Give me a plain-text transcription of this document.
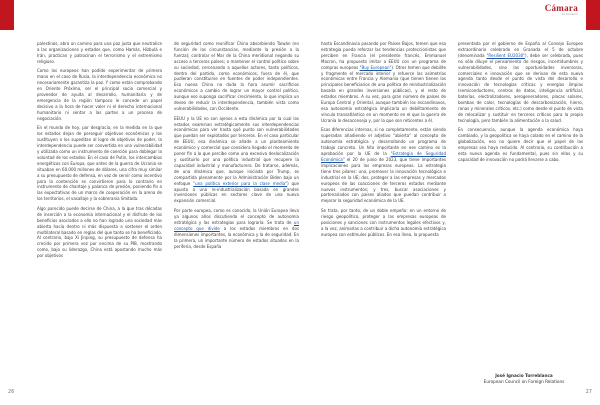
Cámara
de Comercio

palestinos, abra un camino para una paz justa que neutralice a las organizaciones y estados que, como Hamás, Hizbulá e Irán, practican y patrocinan el terrorismo y el extremismo religioso.

Como los europeos han podido experimentar de primera mano en el caso de Rusia, la interdependencia económica no necesariamente garantiza la paz. Y como están comprobando en Oriente Próximo, ser el principal socio comercial y proveedor de ayuda al desarrollo, humanitaria y de emergencia de la región tampoco le concede un papel decisivo a la hora de hacer valer ni el derecho internacional humanitario ni sentar a las partes a un proceso de negociación.

En el mundo de hoy, por desgracia, en la medida en la que los estados dejan de perseguir objetivos económicos y los sustituyen o los supeditan al logro de objetivos de poder, la interdependencia puede ser convertida en una vulnerabilidad y utilizada como un instrumento de coerción para doblegar la voluntad de los estados. En el caso de Putin, los intercambios energéticos con Europa, que antes de la guerra de Ucrania se situaban en 60.000 millones de dólares, una cifra muy similar a su presupuesto de defensa, en vez de servir como incentivo para la contención se convirtieron para lo contrario en instrumento de chantaje y palanca de presión, poniendo fin a las expectativas de un marco de cooperación en la arena de los territorios, el vasallaje y la sobrerania limitada.

Algo parecido puede decirse de China, a la que tras décadas de inserción a la economía internacional y el disfrute de los beneficios asociados a ello no han logrado una sociedad más abierta hacia dentro ni más dispuesta a sostener el orden multilateral basado en reglas del que tanto se ha beneficiado. Al contrario, bajo Xi Jinping, su presupuesto de defensa ha crecido por primera vez por encima de su PIB, mostrando como, bajo su liderazgo, China está apostando mucho más por objetivos

de seguridad como reunificar China absorbiendo Taiwán (en función de las circunstancias, mediante la presión o la fuerza); controlar el Mar de la China meridional negando su acceso a terceros países; o mantener el control político sobre su sociedad, cercenando a aquellos actores, tanto políticos, dentro del partido, como económicos, fuera de él, que pudieran constituirse en fuentes de poder independientes. Esa nueva China no duda la hora asumir sacrificios económicos a cambio de lograr un mayor control político, aunque eso suponga sacrificar crecimiento, lo que implica un deseo de reducir la interdependencia, también vista como vulnerabilidades, con Occidente.

EEUU y la UE no son ajenos a esta dinámica por la cual los estados examinan estratégicamente sus interdependencias económicas para ver hasta qué punto son vulnerabilidades que puedan ser explotados por terceros. En el caso particular de EEUU, esa dinámica se añade a un planteamiento económico y comercial que considera llegado el momento de poner fin a lo que percibe como una excesiva deslocalización y sustituirlo por una política industrial que recupere la capacidad industrial y manufacturera. De tratarse, además, de una dinámica que, aunque iniciada por Trump, es compartida plenamente por la Administración Biden bajo un enfoque "una política exterior para la clase media") que apunta a una re-industrialización basada en grandes inversiones públicas en sectores clave de una nueva expansión comercial.

Por parte europea, como es conocido, la Unión Europea lleva ya algunos años discutiendo el concepto de autonomía estratégica y las estrategias para lograrla. Se trata de un concepto que divide a los estados miembros en dos dimensiones importantes, la económica y la de seguridad. En la primera, un importante número de estados situados en la periferia, desde España

hasta Escandinavia pasando por Países Bajos, temen que esa estrategia pueda reforzar las tendencias proteccionistas que perciben en Francia (el presidente francés, Emmanuel Macron, ha propuesto imitar a EEUU con un programa de compras europeas "Buy European"). Otros temen que debilite y fragmente el mercado interior y refuerce las asimetrías económicas entre Francia y Alemania (que tienen tienen los principales beneficiarios de una política de reindustrialización basada en grandes inversiones públicas), y el resto de estados miembros. A su vez, para gran número de países de Europa Central y Oriental, aunque también los escandinavos, esa autonomía estratégica implicaría un debilitamiento de vínculo transatlántico en un momento en el que la guerra de Ucrania lo desaconseja y, por lo que son reticentes a él.

Esas diferencias internas, si no completamente, están siendo superadas añadiendo el adjetivo "abierta" al concepto de autonomía estratégica y desarrollando un programa de trabajo concreto. Un hito importante en ese camino es la aprobación por la UE de la "Estrategia de Seguridad Económica" el 20 de junio de 2023, que tiene importantes implicaciones para las empresas europeas. La estrategia tiene tres pilares: uno, promover la innovación tecnológica e industrial en la UE; dos, proteger a las empresas y mercados europeos de las coacciones de terceros estados mediante nuevos instrumentos; y tres, buscar asociaciones y partenariados con países aliados que puedan contribuir a mejorar la seguridad económica de la UE.

Se trata, por tanto, de un doble empeño: en un entorno de riesgo geopolítico, proteger a las empresas europeas de posiciones y sanciones con instrumentos legales efectivos y, a la vez, animarlas a contribuir a dicha autonomía estratégica europea con estímulos públicos. En esa línea, la propuesta

presentada por el gobierno de España al Consejo Europeo extraordinario celebrado en Granada el 5 de octubre (denominada "Resilient EU2030"), debe ser celebrada, pues no sólo diluye el pensamiento de riesgos, incertidumbres y vulnerabilidades, sino las oportunidades inversoras, comerciales e innovación que se derivan de esta nueva agenda tanto desde el punto de vista del desarrollo e innovación de tecnologías críticas y energías limpias (semiconductores, centros de datos, inteligencia artificial, baterías, electrolizadores, aerogeneradores, placas solares, bombas de calor, tecnologías de descarbonización, hierro, ranas y minerales críticos, etc.) como desde el punto de vista de relocalizar y sustituir en terceros críticos para la propia tecnología, pero también la alimentación o la salud.

En consecuencia, aunque la agenda económica haya cambiado, y la geopolítica se haya colado en el camino de la globalización, eso no quiere decir que el papel de las empresas sea haya reducido. Al contrario, su contribución a esta nueva agenda es fundamental, pues sin ellas y su capacidad de innovación no podrá llevarse a cabo.

José Ignacio Torreblanca
European Council on Foreign Relations
26	27
